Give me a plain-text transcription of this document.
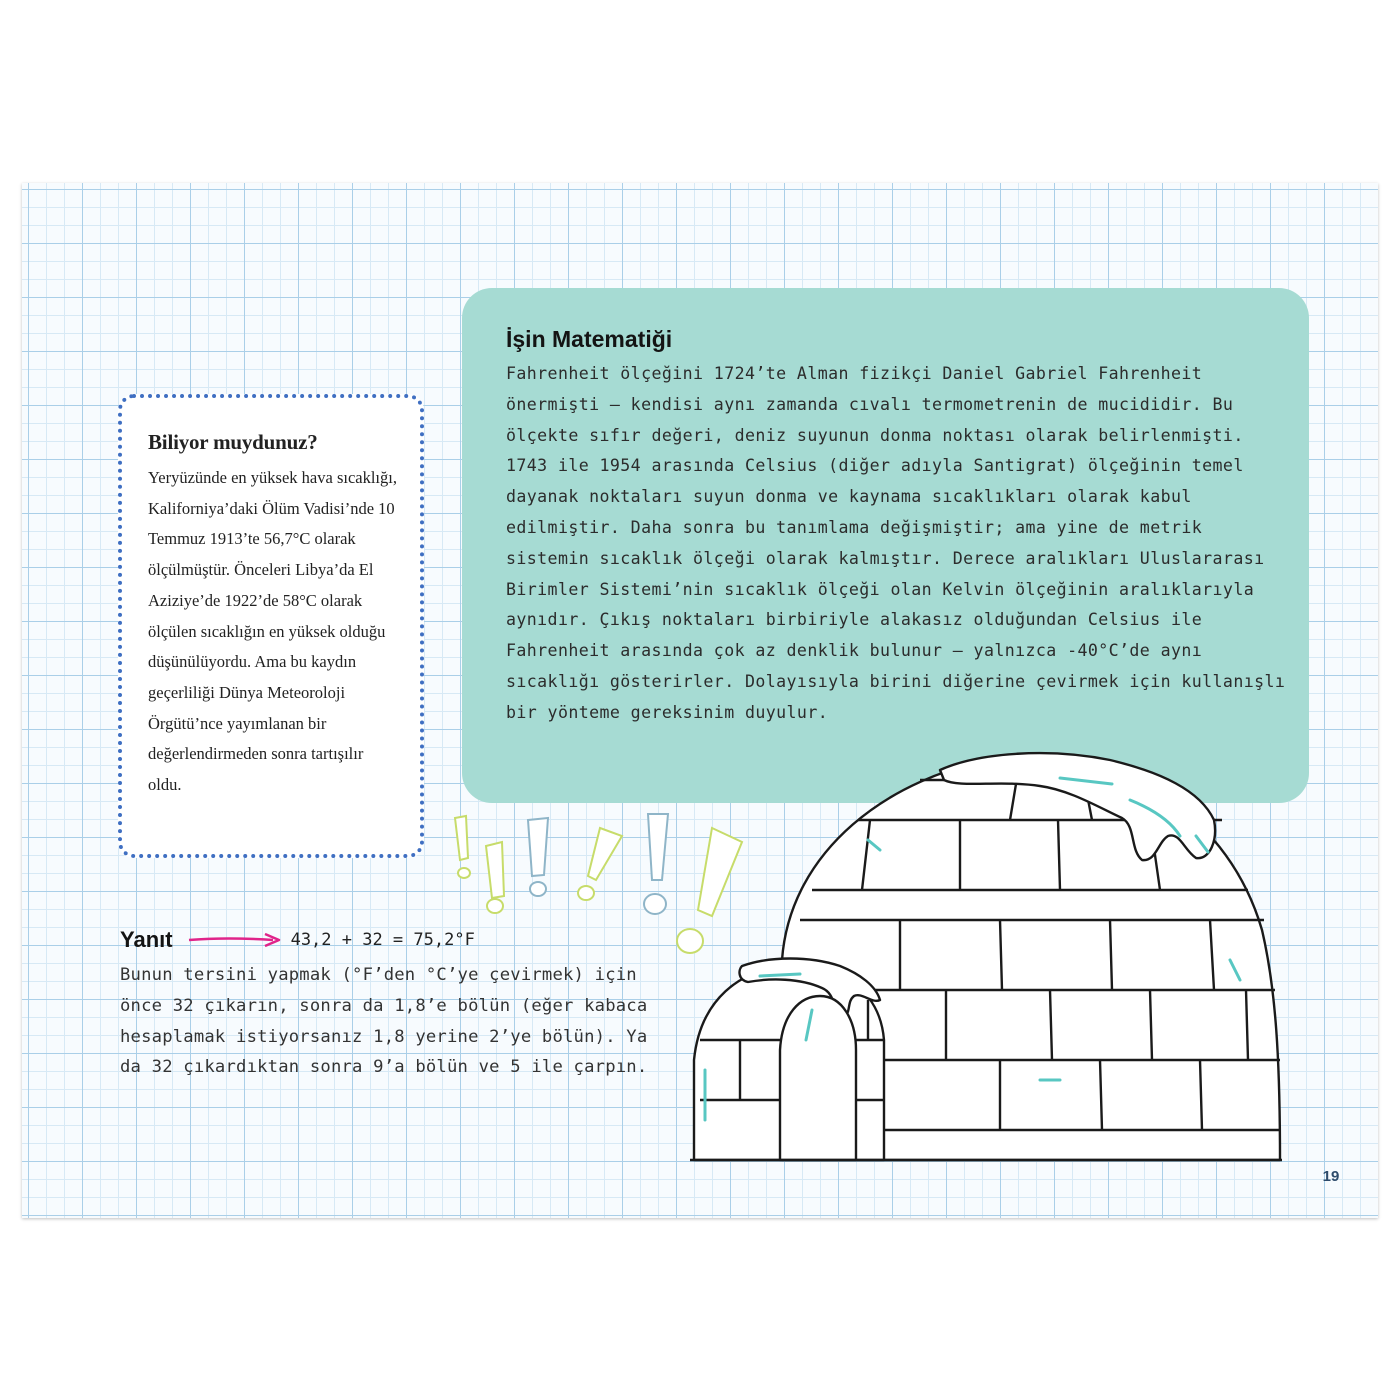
Biliyor muydunuz?

Yeryüzünde en yüksek hava sıcaklığı, Kaliforniya’daki Ölüm Vadisi’nde 10 Temmuz 1913’te 56,7°C olarak ölçülmüştür. Önceleri Libya’da El Aziziye’de 1922’de 58°C olarak ölçülen sıcaklığın en yüksek olduğu düşünülüyordu. Ama bu kaydın geçerliliği Dünya Meteoroloji Örgütü’nce yayımlanan bir değerlendirmeden sonra tartışılır oldu.

İşin Matematiği

Fahrenheit ölçeğini 1724’te Alman fizikçi Daniel Gabriel Fahrenheit önermişti – kendisi aynı zamanda cıvalı termometrenin de mucididir. Bu ölçekte sıfır değeri, deniz suyunun donma noktası olarak belirlenmişti. 1743 ile 1954 arasında Celsius (diğer adıyla Santigrat) ölçeğinin temel dayanak noktaları suyun donma ve kaynama sıcaklıkları olarak kabul edilmiştir. Daha sonra bu tanımlama değişmiştir; ama yine de metrik sistemin sıcaklık ölçeği olarak kalmıştır. Derece aralıkları Uluslararası Birimler Sistemi’nin sıcaklık ölçeği olan Kelvin ölçeğinin aralıklarıyla aynıdır. Çıkış noktaları birbiriyle alakasız olduğundan Celsius ile Fahrenheit arasında çok az denklik bulunur – yalnızca -40°C’de aynı sıcaklığı gösterirler. Dolayısıyla birini diğerine çevirmek için kullanışlı bir yönteme gereksinim duyulur.

Yanıt	43,2 + 32 = 75,2°F

Bunun tersini yapmak (°F’den °C’ye çevirmek) için önce 32 çıkarın, sonra da 1,8’e bölün (eğer kabaca hesaplamak istiyorsanız 1,8 yerine 2’ye bölün). Ya da 32 çıkardıktan sonra 9’a bölün ve 5 ile çarpın.

19
